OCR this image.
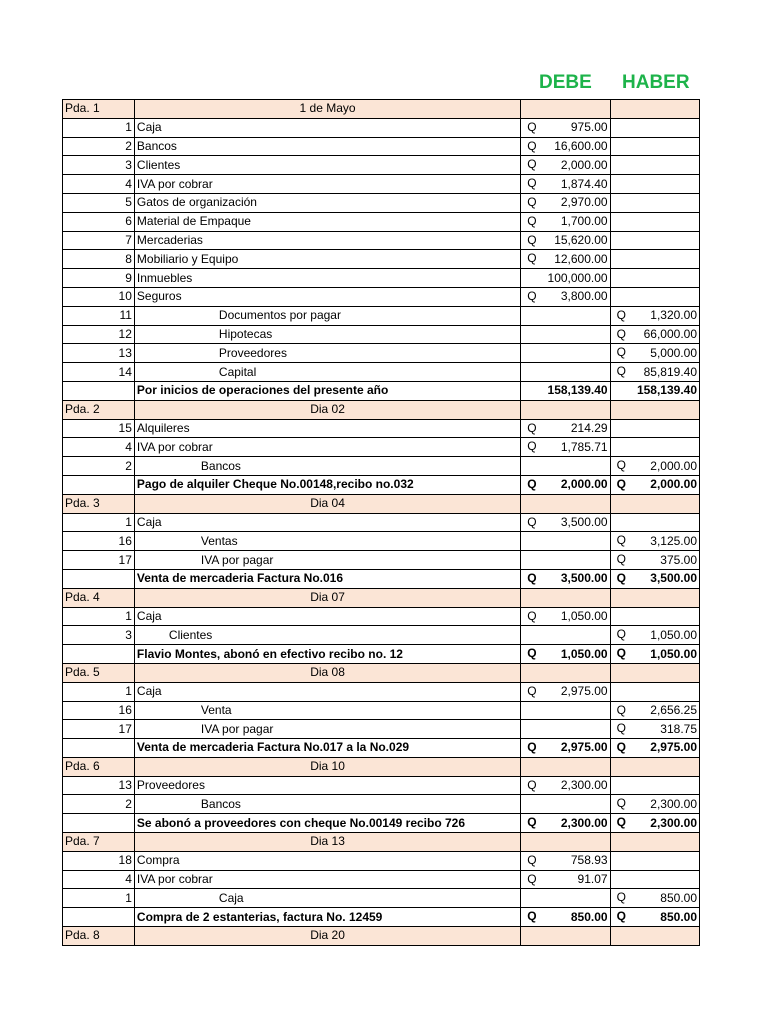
DEBE HABER
Pda. 1	1 de Mayo		
1	Caja	Q 975.00	

2	Bancos	Q 16,600.00	

3	Clientes	Q 2,000.00	

4	IVA por cobrar	Q 1,874.40	

5	Gatos de organización	Q 2,970.00	

6	Material de Empaque	Q 1,700.00	

7	Mercaderias	Q 15,620.00	

8	Mobiliario y Equipo	Q 12,600.00	

9	Inmuebles	100,000.00	

10	Seguros	Q 3,800.00	

11	Documentos por pagar		Q 1,320.00

12	Hipotecas		Q 66,000.00

13	Proveedores		Q 5,000.00

14	Capital		Q 85,819.40

	Por inicios de operaciones del presente año	158,139.40	158,139.40

Pda. 2	Dia 02		
15	Alquileres	Q 214.29	

4	IVA por cobrar	Q 1,785.71	

2	Bancos		Q 2,000.00

	Pago de alquiler Cheque No.00148,recibo no.032	Q 2,000.00	Q 2,000.00

Pda. 3	Dia 04		
1	Caja	Q 3,500.00	

16	Ventas		Q 3,125.00

17	IVA por pagar		Q 375.00

	Venta de mercaderia Factura No.016	Q 3,500.00	Q 3,500.00

Pda. 4	Dia 07		
1	Caja	Q 1,050.00	

3	Clientes		Q 1,050.00

	Flavio Montes, abonó en efectivo recibo no. 12	Q 1,050.00	Q 1,050.00

Pda. 5	Dia 08		
1	Caja	Q 2,975.00	

16	Venta		Q 2,656.25

17	IVA por pagar		Q 318.75

	Venta de mercaderia Factura No.017 a la No.029	Q 2,975.00	Q 2,975.00

Pda. 6	Dia 10		
13	Proveedores	Q 2,300.00	

2	Bancos		Q 2,300.00

	Se abonó a proveedores con cheque No.00149 recibo 726	Q 2,300.00	Q 2,300.00

Pda. 7	Dia 13		
18	Compra	Q 758.93	

4	IVA por cobrar	Q 91.07	

1	Caja		Q 850.00

	Compra de 2 estanterias, factura No. 12459	Q 850.00	Q 850.00

Pda. 8	Dia 20		
